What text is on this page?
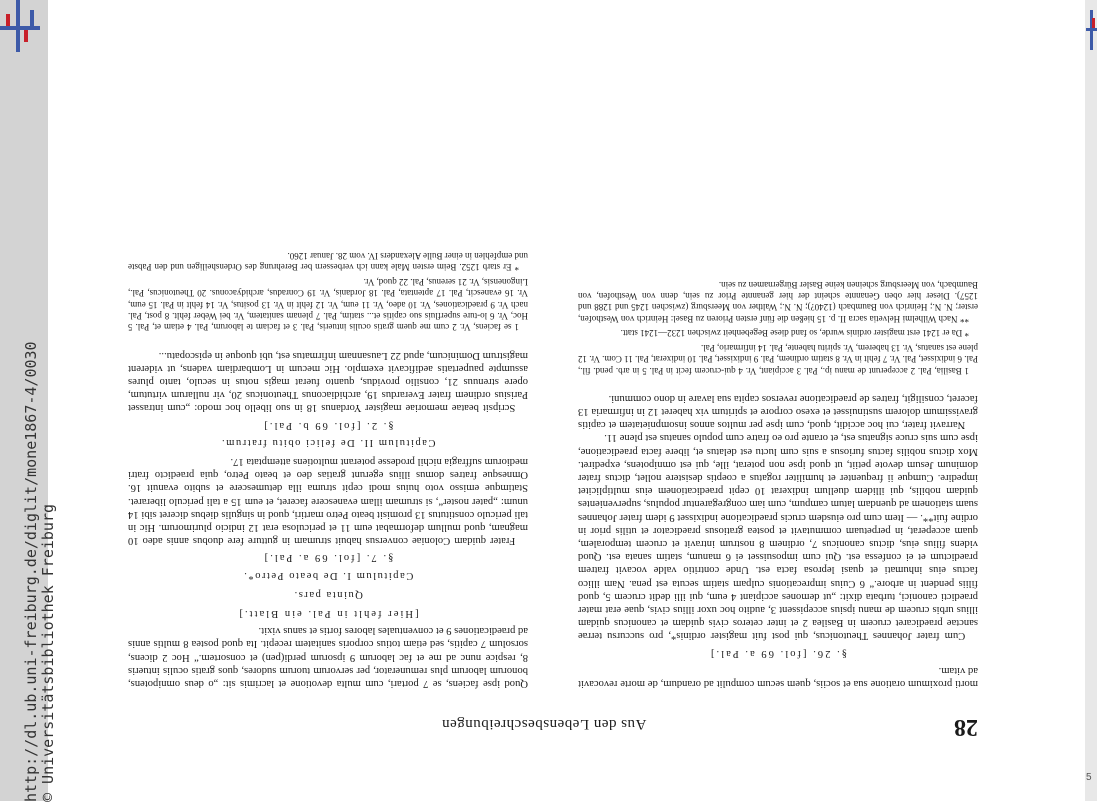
5
http://dl.ub.uni-freiburg.de/diglit/mone1867-4/0030 © Universitätsbibliothek Freiburg	28
Aus den Lebensbeschreibungen

morti proximum oratione sua et sociis, quem secum compulit ad orandum, de morte revocavit ad vitam.

§. 26. [fol. 69 a. Pal.]

Cum frater Johannes Theutonicus, qui post fuit magister ordinis*, pro succursu terrae sanctae praedicaret crucem in Basilea 2 et inter ceteros civis quidam et canonicus quidam illius urbis crucem de manu ipsius accepissent 3, audito hoc uxor illius civis, quae erat mater praedicti canonici, turbata dixit: „ut demones accipiant 4 eum, qui illi dedit crucem 5, quod filiis pendent in arbore.“ 6 Cuius imprecationis culpam statim secuta est pena. Nam illico factus eius inhumati et quasi leprosa facta est. Unde contritio valde vocavit fratrem praedictum et ei confessa est. Qui cum imposuisset ei 6 manum, statim sanata est. Quod videns filius eius, dictus canonicus 7, ordinem 8 nostrum intravit et crucem temporalem, quam acceperat, in perpetuam commutavit et postea gratiosus praedicator et utilis prior in ordine fuit**. — Item cum pro eiusdem crucis praedicatione indixisset 9 idem frater Johannes suam stationem ad quendam latum campum, cum iam congregarentur populus, supervenientes quidam nobilis, qui illidem duellum indixerat 10 cepit praedicationem eius multiplicitet impedire. Cumque ii frequenter et humiliter rogatus a coeptis desistere nollet, dictus frater dominum Jesum devote petiit, ut quod ipse non poterat, ille, qui est omnipotens, expediret. Mox dictus nobilis factus furiosus a suis cum luctu est delatus et, libere facta praedicatione, ipse cum suis cruce signatus est, et orante pro eo fratre cum populo sanatus est plene 11.

Narravit frater, cui hoc accidit, quod, cum ipse per multos annos insompnietatem et capitis gravissimum dolorem sustinuisset et exeso corpore et spiritum vix haberet 12 in infirmaria 13 faceret, consiligit, fratres de praedicatione reversos capita sua lavare in dono communi.

1 Basilia, Pal. 2 acceperunt de manu ip., Pal. 3 accipiant, Vr. 4 qui-crucem fecit in Pal. 5 in arb. pend. fil., Pal. 6 indixisset, Pal. Vr. 7 fehlt in Vr. 8 statim ordinem, Pal. 9 indixisset, Pal. 10 indixerat, Pal. 11 Com. Vr. 12 plene est sanatus, Vr. 13 haberem, Vr. spiritu habente, Pal. 14 infirmario, Pal.

* Da er 1241 erst magister ordinis wurde, so fand diese Begebenheit zwischen 1232—1241 statt.

** Nach Wilhelmi Helvetia sacra II. p. 15 hießen die fünf ersten Prioren zu Basel: Heinrich von Westhofen, erster; N. N.; Heinrich von Baumbach (1240?); N. N.; Walther von Meersburg (zwischen 1245 und 1288 und 1257). Dieser hier oben Genannte scheint der hier genannte Prior zu sein, denn von Westhofen, von Baumbach, von Meersburg scheinen keine Basler Bürgernamen zu sein.

Quod ipse faciens, se 7 portari, cum multa devotione et lacrimis sit: „o deus omnipotens, bonorum laborum plus remunerator, per servorum tuorum sudores, quos gratis oculis intueris 8, respice nunc ad me et fac laborum 9 ipsorum perdi(pen) et consortem.“ Hoc 2 dicens, sorsolum 7 capitis, sed etiam totius corporis sanitatem recepit. Ita quod postea 8 multis annis ad praedicationes 9 et conventuales labores fortis et sanus vixit.

[Hier fehlt in Pal. ein Blatt.]

Quinta pars.

Capitulum I. De beato Petro*.

§. 7. [fol. 69 a. Pal.]

Frater quidam Coloniae conversus habuit strumam in gutture fere duobus annis adeo 10 magnam, quod mullum deformabat eum 11 et periculosa erat 12 indicio plurimorum. Hic in tali periculo constitutus 13 promisit beato Petro martiri, quod in singulis diebus diceret sibi 14 unum: „pater noster“, si strumam illam evanescere faceret, et eum 15 a tali periculo liberaret. Statimque emisso voto huius modi cepit struma illa detumescere et subito evanuit 16. Omnesque fratres domus illius egerunt gratias deo et beato Petro, quia praedicto fratri mediorum suffragia nichil prodesse poterant multotiens attemptata 17.

Capitulum II. De felici obitu fratrum.

§. 2. [fol. 69 b. Pal.]

Scripsit beatae memoriae magister Yordanus 18 in suo libello hoc modo: „cum intrasset Parisius ordinem frater Everardus 19, archidiaconus Theutonicus 20, vir nullarum virtutum, opere strenuus 21, consilio providus, quanto fuerat magis notus in seculo, tanto plures assumpte paupertatis aedificavit exemplo. Hic mecum in Lombardiam vadens, ut viderent magistrum Dominicum, apud 22 Lausannam infirmatus est, ubi quoque in episcopatu...

1 se faciens, Vr. 2 cum me quem gratis oculis intueris, Pal. 3 et faciam te laborum, Pal. 4 etiam et, Pal. 5 Hoc, Vr. 6 lo-ture superfluis suo capitis et... statim, Pal. 7 plenam sanitatem, Vr. bei Weber fehlt. 8 post, Pal. nach Vr. 9 praedicationes, Vr. 10 adeo, Vr. 11 eum, Vr. 12 fehlt in Vr. 13 positus, Vr. 14 fehlt in Pal. 15 eum, Vr. 16 evanescit, Pal. 17 aptentata, Pal. 18 Jordanis, Vr. 19 Conradus, archidyaconus. 20 Theutonicus, Pal., Lingonensis, Vr. 21 serenus, Pal. 22 quod, Vr.

* Er starb 1252. Beim ersten Male kann ich verbessern ber Berehrung des Ordensheiligen und den Pabste und empfehlen in einer Bulle Alexanders IV. vom 28. Januar 1260.
